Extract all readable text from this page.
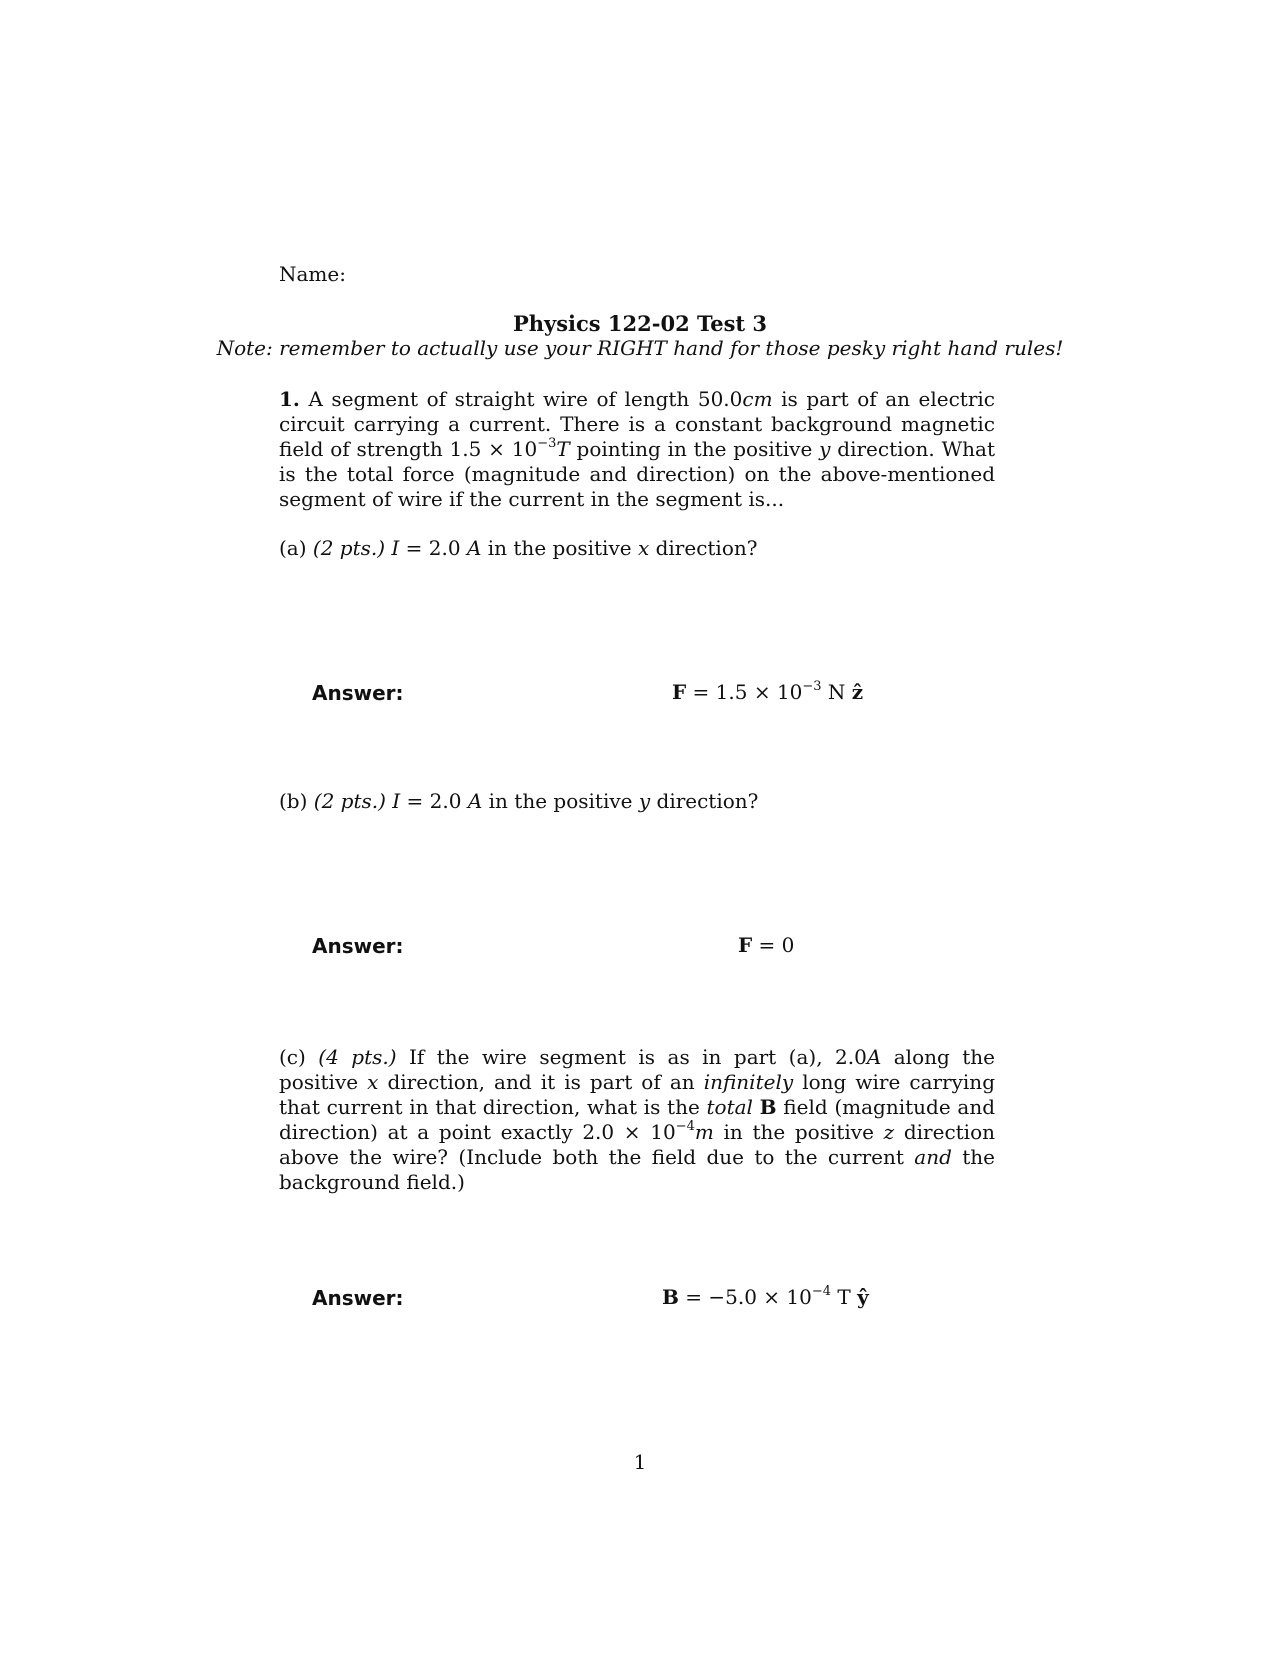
Name:
Physics 122-02 Test 3
Note: remember to actually use your RIGHT hand for those pesky right hand rules!
1. A segment of straight wire of length 50.0cm is part of an electric circuit carrying a current. There is a constant background magnetic field of strength $1.5 \times 10^{-3}T$ pointing in the positive y direction. What is the total force (magnitude and direction) on the above-mentioned segment of wire if the current in the segment is...
(a) (2 pts.) I = 2.0 A in the positive x direction?
Answer:	$F = 1.5 \times 10^{-3}$ N ẑ
(b) (2 pts.) I = 2.0 A in the positive y direction?
Answer:	F = 0
(c) (4 pts.) If the wire segment is as in part (a), 2.0A along the positive x direction, and it is part of an infinitely long wire carrying that current in that direction, what is the total B field (magnitude and direction) at a point exactly $2.0 \times 10^{-4}m$ in the positive z direction above the wire? (Include both the field due to the current and the background field.)
Answer:	$B = -5.0 \times 10^{-4}$ T ŷ
1
